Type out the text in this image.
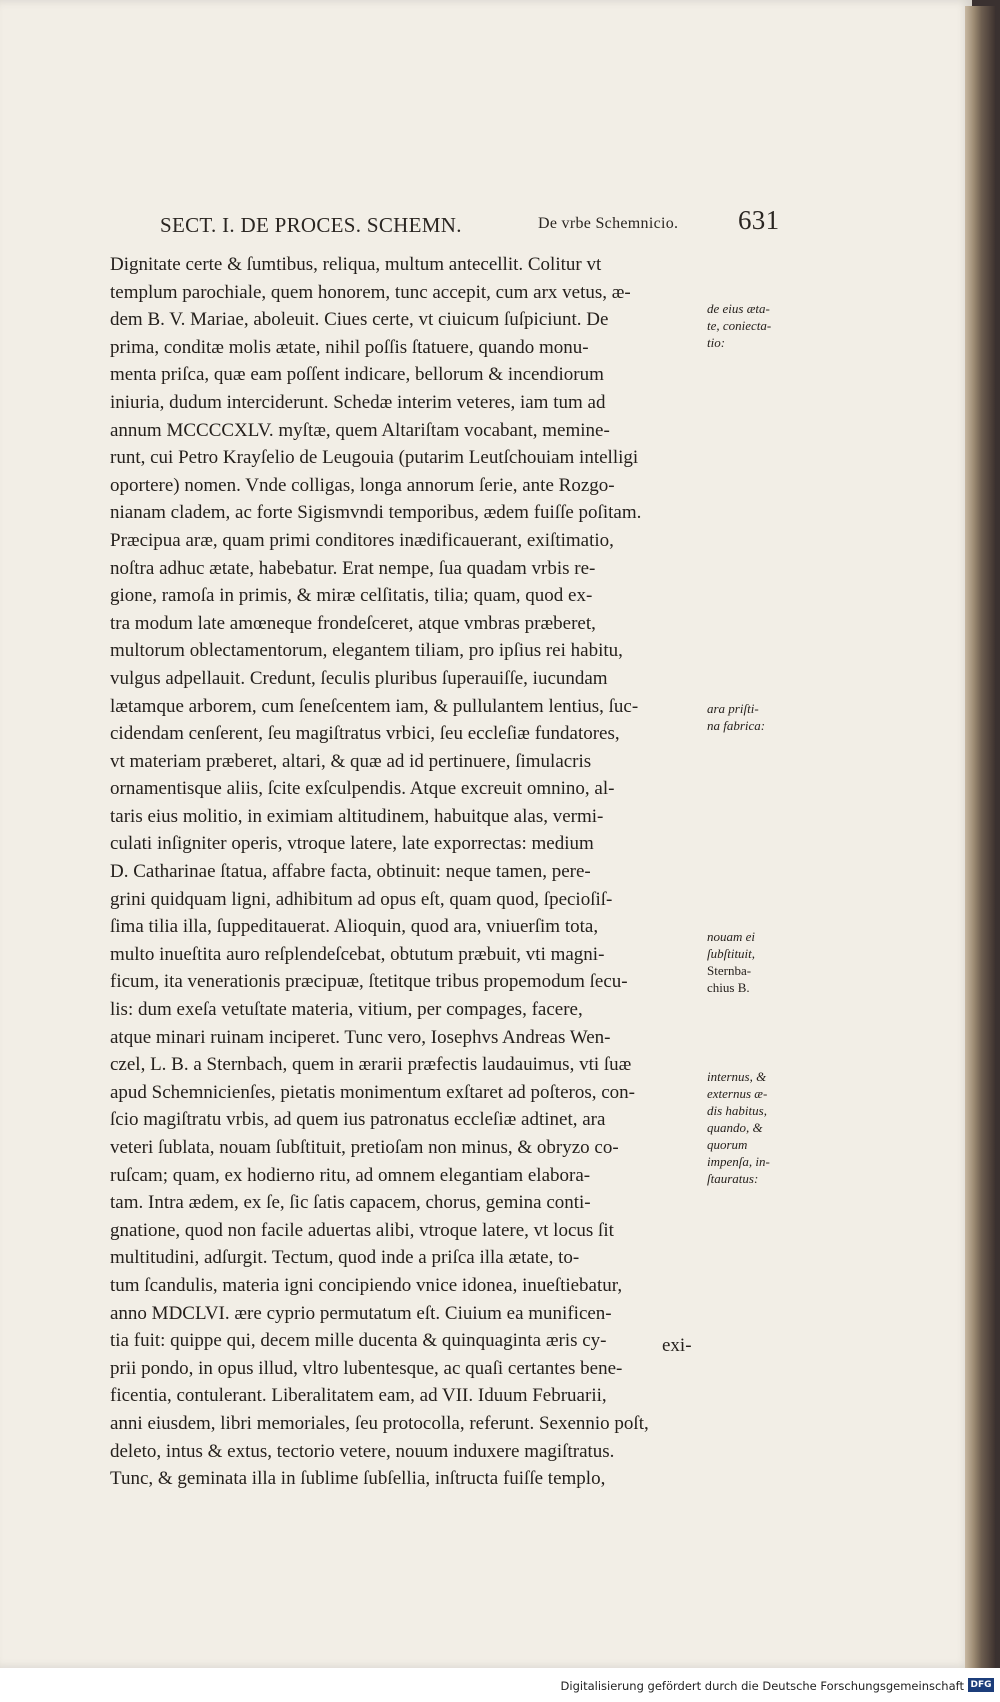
SECT. I. DE PROCES. SCHEMN.	De vrbe Schemnicio. 631
Dignitate certe & ſumtibus, reliqua, multum antecellit. Colitur vt
templum parochiale, quem honorem, tunc accepit, cum arx vetus, æ-
dem B. V. Mariae, aboleuit. Ciues certe, vt ciuicum ſuſpiciunt. De
prima, conditæ molis ætate, nihil poſſis ſtatuere, quando monu-
menta priſca, quæ eam poſſent indicare, bellorum & incendiorum
iniuria, dudum interciderunt. Schedæ interim veteres, iam tum ad
annum MCCCCXLV. myſtæ, quem Altariſtam vocabant, memine-
runt, cui Petro Krayſelio de Leugouia (putarim Leutſchouiam intelligi
oportere) nomen. Vnde colligas, longa annorum ſerie, ante Rozgo-
nianam cladem, ac forte Sigismvndi temporibus, ædem fuiſſe poſitam.
Præcipua aræ, quam primi conditores inædificauerant, exiſtimatio,
noſtra adhuc ætate, habebatur. Erat nempe, ſua quadam vrbis re-
gione, ramoſa in primis, & miræ celſitatis, tilia; quam, quod ex-
tra modum late amœneque frondeſceret, atque vmbras præberet,
multorum oblectamentorum, elegantem tiliam, pro ipſius rei habitu,
vulgus adpellauit. Credunt, ſeculis pluribus ſuperauiſſe, iucundam
lætamque arborem, cum ſeneſcentem iam, & pullulantem lentius, ſuc-
cidendam cenſerent, ſeu magiſtratus vrbici, ſeu eccleſiæ fundatores,
vt materiam præberet, altari, & quæ ad id pertinuere, ſimulacris
ornamentisque aliis, ſcite exſculpendis. Atque excreuit omnino, al-
taris eius molitio, in eximiam altitudinem, habuitque alas, vermi-
culati inſigniter operis, vtroque latere, late exporrectas: medium
D. Catharinae ſtatua, affabre facta, obtinuit: neque tamen, pere-
grini quidquam ligni, adhibitum ad opus eſt, quam quod, ſpecioſiſ-
ſima tilia illa, ſuppeditauerat. Alioquin, quod ara, vniuerſim tota,
multo inueſtita auro reſplendeſcebat, obtutum præbuit, vti magni-
ficum, ita venerationis præcipuæ, ſtetitque tribus propemodum ſecu-
lis: dum exeſa vetuſtate materia, vitium, per compages, facere,
atque minari ruinam inciperet. Tunc vero, Iosephvs Andreas Wen-
czel, L. B. a Sternbach, quem in ærarii præfectis laudauimus, vti ſuæ
apud Schemnicienſes, pietatis monimentum exſtaret ad poſteros, con-
ſcio magiſtratu vrbis, ad quem ius patronatus eccleſiæ adtinet, ara
veteri ſublata, nouam ſubſtituit, pretioſam non minus, & obryzo co-
ruſcam; quam, ex hodierno ritu, ad omnem elegantiam elabora-
tam. Intra ædem, ex ſe, ſic ſatis capacem, chorus, gemina conti-
gnatione, quod non facile aduertas alibi, vtroque latere, vt locus ſit
multitudini, adſurgit. Tectum, quod inde a priſca illa ætate, to-
tum ſcandulis, materia igni concipiendo vnice idonea, inueſtiebatur,
anno MDCLVI. ære cyprio permutatum eſt. Ciuium ea munificen-
tia fuit: quippe qui, decem mille ducenta & quinquaginta æris cy-
prii pondo, in opus illud, vltro lubentesque, ac quaſi certantes bene-
ficentia, contulerant. Liberalitatem eam, ad VII. Iduum Februarii,
anni eiusdem, libri memoriales, ſeu protocolla, referunt. Sexennio poſt,
deleto, intus & extus, tectorio vetere, nouum induxere magiſtratus.
Tunc, & geminata illa in ſublime ſubſellia, inſtructa fuiſſe templo,
exi-
de eius æta-
te, coniecta-
tio:
ara priſti-
na fabrica:
nouam ei
ſubſtituit,
Sternba-
chius B.
internus, &
externus æ-
dis habitus,
quando, &
quorum
impenſa, in-
ſtauratus:
Digitalisierung gefördert durch die Deutsche Forschungsgemeinschaft DFG
